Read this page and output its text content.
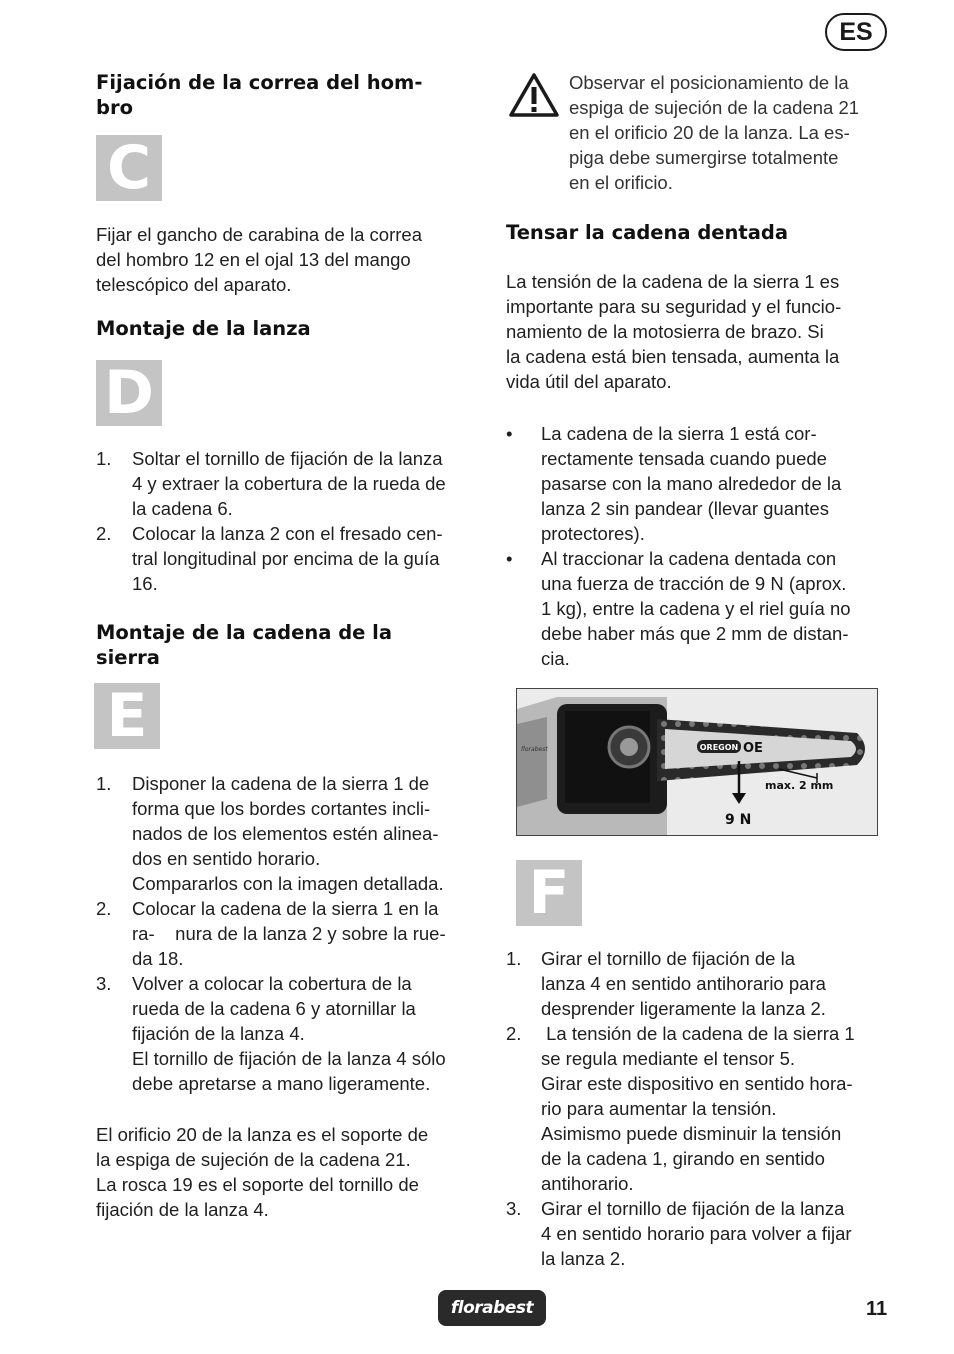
ES
Fijación de la correa del hom-
bro
C
Fijar el gancho de carabina de la correa
del hombro 12 en el ojal 13 del mango
telescópico del aparato.
Montaje de la lanza
D
1. Soltar el tornillo de fijación de la lanza
4 y extraer la cobertura de la rueda de
la cadena 6.
2. Colocar la lanza 2 con el fresado cen-
tral longitudinal por encima de la guía
16.
Montaje de la cadena de la
sierra
E
1. Disponer la cadena de la sierra 1 de
forma que los bordes cortantes incli-
nados de los elementos estén alinea-
dos en sentido horario.
Compararlos con la imagen detallada.
2. Colocar la cadena de la sierra 1 en la
ra-    nura de la lanza 2 y sobre la rue-
da 18.
3. Volver a colocar la cobertura de la
rueda de la cadena 6 y atornillar la
fijación de la lanza 4.
El tornillo de fijación de la lanza 4 sólo
debe apretarse a mano ligeramente.
El orificio 20 de la lanza es el soporte de
la espiga de sujeción de la cadena 21.
La rosca 19 es el soporte del tornillo de
fijación de la lanza 4.
Observar el posicionamiento de la
espiga de sujeción de la cadena 21
en el orificio 20 de la lanza. La es-
piga debe sumergirse totalmente
en el orificio.
Tensar la cadena dentada
La tensión de la cadena de la sierra 1 es
importante para su seguridad y el funcio-
namiento de la motosierra de brazo. Si
la cadena está bien tensada, aumenta la
vida útil del aparato.
• La cadena de la sierra 1 está cor-
rectamente tensada cuando puede
pasarse con la mano alrededor de la
lanza 2 sin pandear (llevar guantes
protectores).
• Al traccionar la cadena dentada con
una fuerza de tracción de 9 N (aprox.
1 kg), entre la cadena y el riel guía no
debe haber más que 2 mm de distan-
cia.
OREGON OE
florabest
9 N
max. 2 mm
F
1. Girar el tornillo de fijación de la
lanza 4 en sentido antihorario para
desprender ligeramente la lanza 2.
2. La tensión de la cadena de la sierra 1
se regula mediante el tensor 5.
Girar este dispositivo en sentido hora-
rio para aumentar la tensión.
Asimismo puede disminuir la tensión
de la cadena 1, girando en sentido
antihorario.
3. Girar el tornillo de fijación de la lanza
4 en sentido horario para volver a fijar
la lanza 2.
florabest	11
